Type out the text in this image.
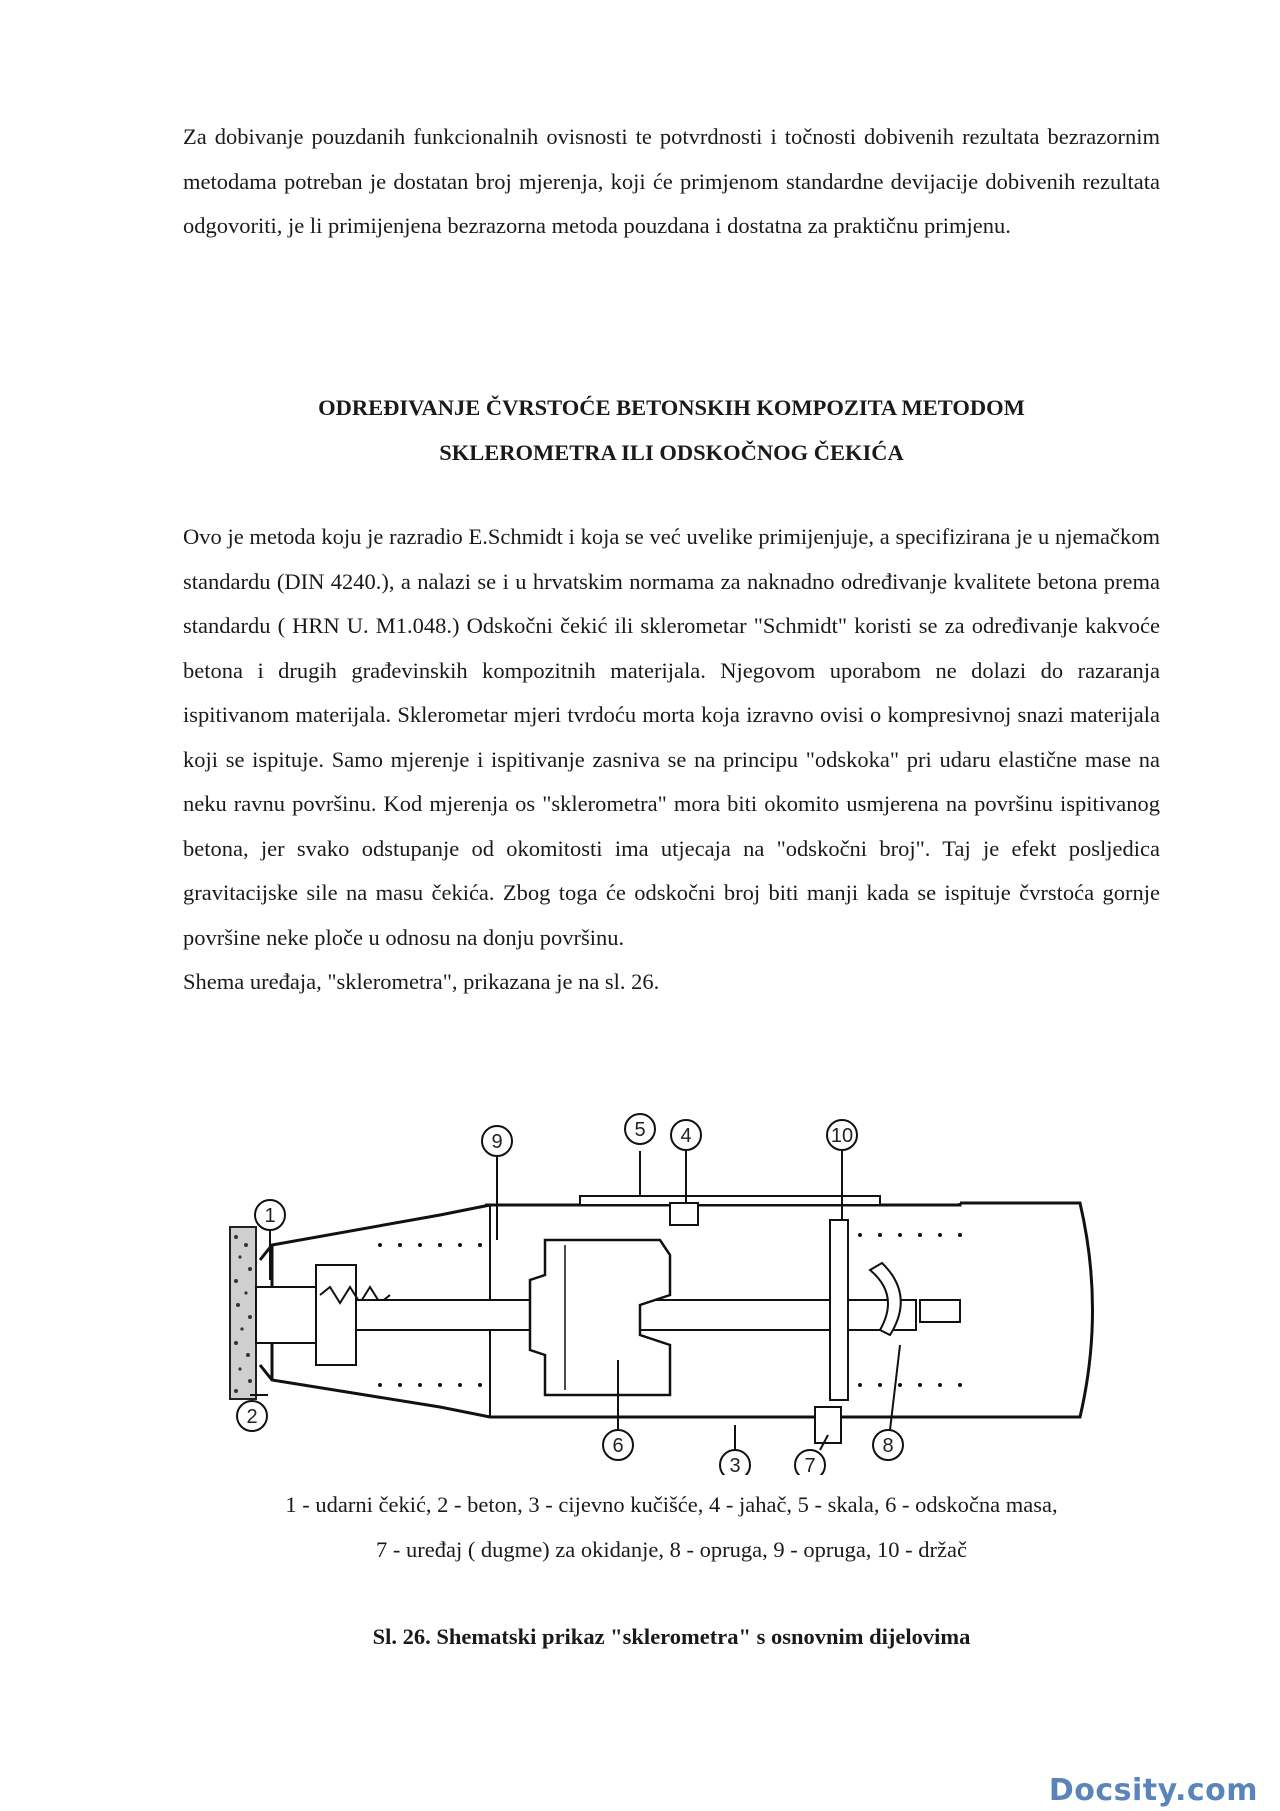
Za dobivanje pouzdanih funkcionalnih ovisnosti te potvrdnosti i točnosti dobivenih rezultata bezrazornim metodama potreban je dostatan broj mjerenja, koji će primjenom standardne devijacije dobivenih rezultata odgovoriti, je li primijenjena bezrazorna metoda pouzdana i dostatna za praktičnu primjenu.

ODREĐIVANJE ČVRSTOĆE BETONSKIH KOMPOZITA METODOM
SKLEROMETRA ILI ODSKOČNOG ČEKIĆA

Ovo je metoda koju je razradio E.Schmidt i koja se već uvelike primijenjuje, a specifizirana je u njemačkom standardu (DIN 4240.), a nalazi se i u hrvatskim normama za naknadno određivanje kvalitete betona prema standardu ( HRN U. M1.048.) Odskočni čekić ili sklerometar "Schmidt" koristi se za određivanje kakvoće betona i drugih građevinskih kompozitnih materijala. Njegovom uporabom ne dolazi do razaranja ispitivanom materijala. Sklerometar mjeri tvrdoću morta koja izravno ovisi o kompresivnoj snazi materijala koji se ispituje. Samo mjerenje i ispitivanje zasniva se na principu "odskoka" pri udaru elastične mase na neku ravnu površinu. Kod mjerenja os "sklerometra" mora biti okomito usmjerena na površinu ispitivanog betona, jer svako odstupanje od okomitosti ima utjecaja na "odskočni broj". Taj je efekt posljedica gravitacijske sile na masu čekića. Zbog toga će odskočni broj biti manji kada se ispituje čvrstoća gornje površine neke ploče u odnosu na donju površinu.

Shema uređaja, "sklerometra", prikazana je na sl. 26.

1
2
3
4
5
6
7
8
9	10
1 - udarni čekić, 2 - beton, 3 - cijevno kučišće, 4 - jahač, 5 - skala, 6 - odskočna masa,
7 - uređaj ( dugme) za okidanje, 8 - opruga, 9 - opruga, 10 - držač
Sl. 26. Shematski prikaz "sklerometra" s osnovnim dijelovima
Docsity.com
